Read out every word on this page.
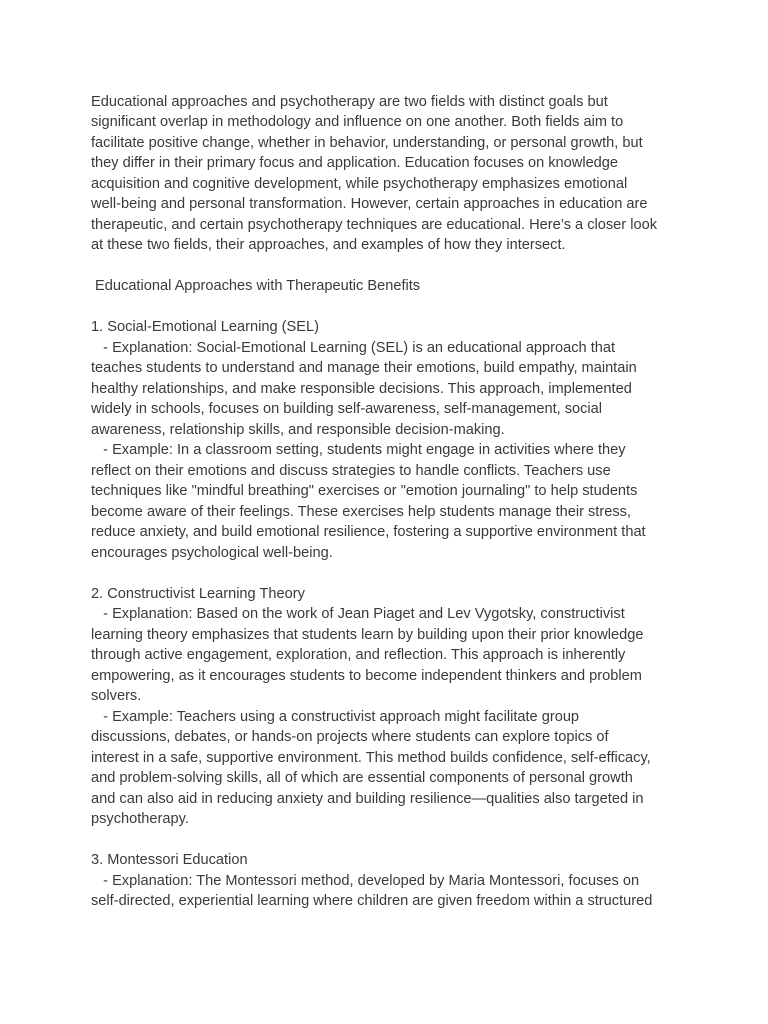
Educational approaches and psychotherapy are two fields with distinct goals but

significant overlap in methodology and influence on one another. Both fields aim to

facilitate positive change, whether in behavior, understanding, or personal growth, but

they differ in their primary focus and application. Education focuses on knowledge

acquisition and cognitive development, while psychotherapy emphasizes emotional

well-being and personal transformation. However, certain approaches in education are

therapeutic, and certain psychotherapy techniques are educational. Here’s a closer look

at these two fields, their approaches, and examples of how they intersect.

Educational Approaches with Therapeutic Benefits

1. Social-Emotional Learning (SEL)

- Explanation: Social-Emotional Learning (SEL) is an educational approach that

teaches students to understand and manage their emotions, build empathy, maintain

healthy relationships, and make responsible decisions. This approach, implemented

widely in schools, focuses on building self-awareness, self-management, social

awareness, relationship skills, and responsible decision-making.

- Example: In a classroom setting, students might engage in activities where they

reflect on their emotions and discuss strategies to handle conflicts. Teachers use

techniques like "mindful breathing" exercises or "emotion journaling" to help students

become aware of their feelings. These exercises help students manage their stress,

reduce anxiety, and build emotional resilience, fostering a supportive environment that

encourages psychological well-being.

2. Constructivist Learning Theory

- Explanation: Based on the work of Jean Piaget and Lev Vygotsky, constructivist

learning theory emphasizes that students learn by building upon their prior knowledge

through active engagement, exploration, and reflection. This approach is inherently

empowering, as it encourages students to become independent thinkers and problem

solvers.

- Example: Teachers using a constructivist approach might facilitate group

discussions, debates, or hands-on projects where students can explore topics of

interest in a safe, supportive environment. This method builds confidence, self-efficacy,

and problem-solving skills, all of which are essential components of personal growth

and can also aid in reducing anxiety and building resilience—qualities also targeted in

psychotherapy.

3. Montessori Education

- Explanation: The Montessori method, developed by Maria Montessori, focuses on

self-directed, experiential learning where children are given freedom within a structured
